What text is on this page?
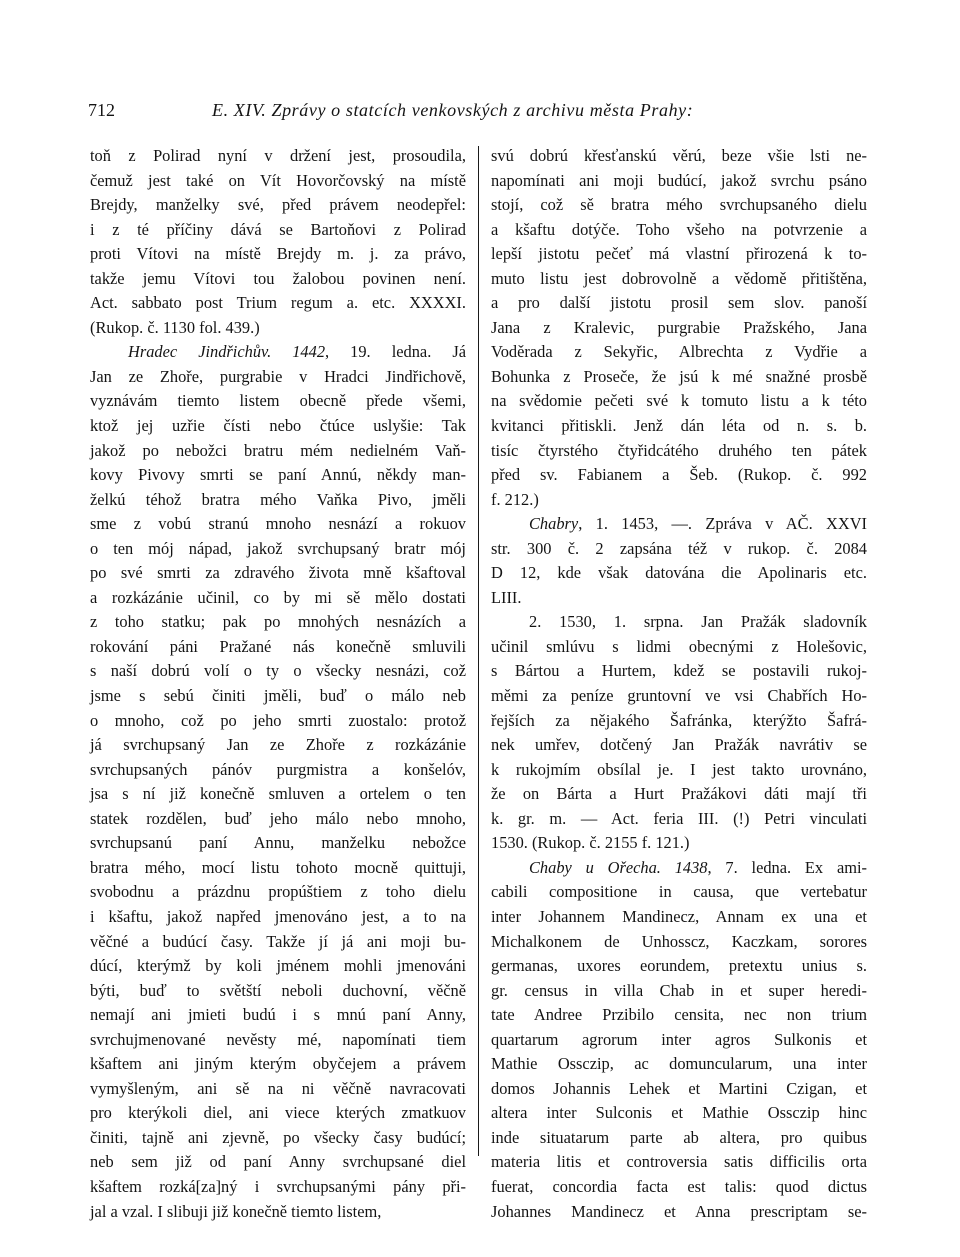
712	E. XIV. Zprávy o statcích venkovských z archivu města Prahy:
toň z Polirad nyní v držení jest, prosoudila,
čemuž jest také on Vít Hovorčovský na místě
Brejdy, manželky své, před právem neodepřel:
i z té příčiny dává se Bartoňovi z Polirad
proti Vítovi na místě Brejdy m. j. za právo,
takže jemu Vítovi tou žalobou povinen není.
Act. sabbato post Trium regum a. etc. XXXXI.
(Rukop. č. 1130 fol. 439.)
Hradec Jindřichův. 1442, 19. ledna. Já
Jan ze Zhoře, purgrabie v Hradci Jindřichově,
vyznávám tiemto listem obecně přede všemi,
ktož jej uzřie čísti nebo čtúce uslyšie: Tak
jakož po nebožci bratru mém nedielném Vaň-
kovy Pivovy smrti se paní Annú, někdy man-
želkú téhož bratra mého Vaňka Pivo, jměli
sme z vobú stranú mnoho nesnází a rokuov
o ten mój nápad, jakož svrchupsaný bratr mój
po své smrti za zdravého života mně kšaftoval
a rozkázánie učinil, co by mi sě mělo dostati
z toho statku; pak po mnohých nesnázích a
rokování páni Pražané nás konečně smluvili
s naší dobrú volí o ty o všecky nesnázi, což
jsme s sebú činiti jměli, buď o málo neb
o mnoho, což po jeho smrti zuostalo: protož
já svrchupsaný Jan ze Zhoře z rozkázánie
svrchupsaných pánóv purgmistra a konšelóv,
jsa s ní již konečně smluven a ortelem o ten
statek rozdělen, buď jeho málo nebo mnoho,
svrchupsanú paní Annu, manželku nebožce
bratra mého, mocí listu tohoto mocně quittuji,
svobodnu a prázdnu propúštiem z toho dielu
i kšaftu, jakož napřed jmenováno jest, a to na
věčné a budúcí časy. Takže jí já ani moji bu-
dúcí, kterýmž by koli jménem mohli jmenováni
býti, buď to světští neboli duchovní, věčně
nemají ani jmieti budú i s mnú paní Anny,
svrchujmenované nevěsty mé, napomínati tiem
kšaftem ani jiným kterým obyčejem a právem
vymyšleným, ani sě na ni věčně navracovati
pro kterýkoli diel, ani viece kterých zmatkuov
činiti, tajně ani zjevně, po všecky časy budúcí;
neb sem již od paní Anny svrchupsané diel
kšaftem rozká[za]ný i svrchupsanými pány při-
jal a vzal. I slibuji již konečně tiemto listem,
svú dobrú křesťanskú věrú, beze všie lsti ne-
napomínati ani moji budúcí, jakož svrchu psáno
stojí, což sě bratra mého svrchupsaného dielu
a kšaftu dotýče. Toho všeho na potvrzenie a
lepší jistotu pečeť má vlastní přirozená k to-
muto listu jest dobrovolně a vědomě přitištěna,
a pro další jistotu prosil sem slov. panoší
Jana z Kralevic, purgrabie Pražského, Jana
Voděrada z Sekyřic, Albrechta z Vydřie a
Bohunka z Proseče, že jsú k mé snažné prosbě
na svědomie pečeti své k tomuto listu a k této
kvitanci přitiskli. Jenž dán léta od n. s. b.
tisíc čtyrstého čtyřidcátého druhého ten pátek
před sv. Fabianem a Šeb. (Rukop. č. 992
f. 212.)
Chabry, 1. 1453, —. Zpráva v AČ. XXVI
str. 300 č. 2 zapsána též v rukop. č. 2084
D 12, kde však datována die Apolinaris etc.
LIII.
2. 1530, 1. srpna. Jan Pražák sladovník
učinil smlúvu s lidmi obecnými z Holešovic,
s Bártou a Hurtem, kdež se postavili rukoj-
měmi za peníze gruntovní ve vsi Chabřích Ho-
řejších za nějakého Šafránka, kterýžto Šafrá-
nek umřev, dotčený Jan Pražák navrátiv se
k rukojmím obsílal je. I jest takto urovnáno,
že on Bárta a Hurt Pražákovi dáti mají tři
k. gr. m. — Act. feria III. (!) Petri vinculati
1530. (Rukop. č. 2155 f. 121.)
Chaby u Ořecha. 1438, 7. ledna. Ex ami-
cabili compositione in causa, que vertebatur
inter Johannem Mandinecz, Annam ex una et
Michalkonem de Unhosscz, Kaczkam, sorores
germanas, uxores eorundem, pretextu unius s.
gr. census in villa Chab in et super heredi-
tate Andree Przibilo censita, nec non trium
quartarum agrorum inter agros Sulkonis et
Mathie Ossczip, ac domuncularum, una inter
domos Johannis Lehek et Martini Czigan, et
altera inter Sulconis et Mathie Ossczip hinc
inde situatarum parte ab altera, pro quibus
materia litis et controversia satis difficilis orta
fuerat, concordia facta est talis: quod dictus
Johannes Mandinecz et Anna prescriptam se-
